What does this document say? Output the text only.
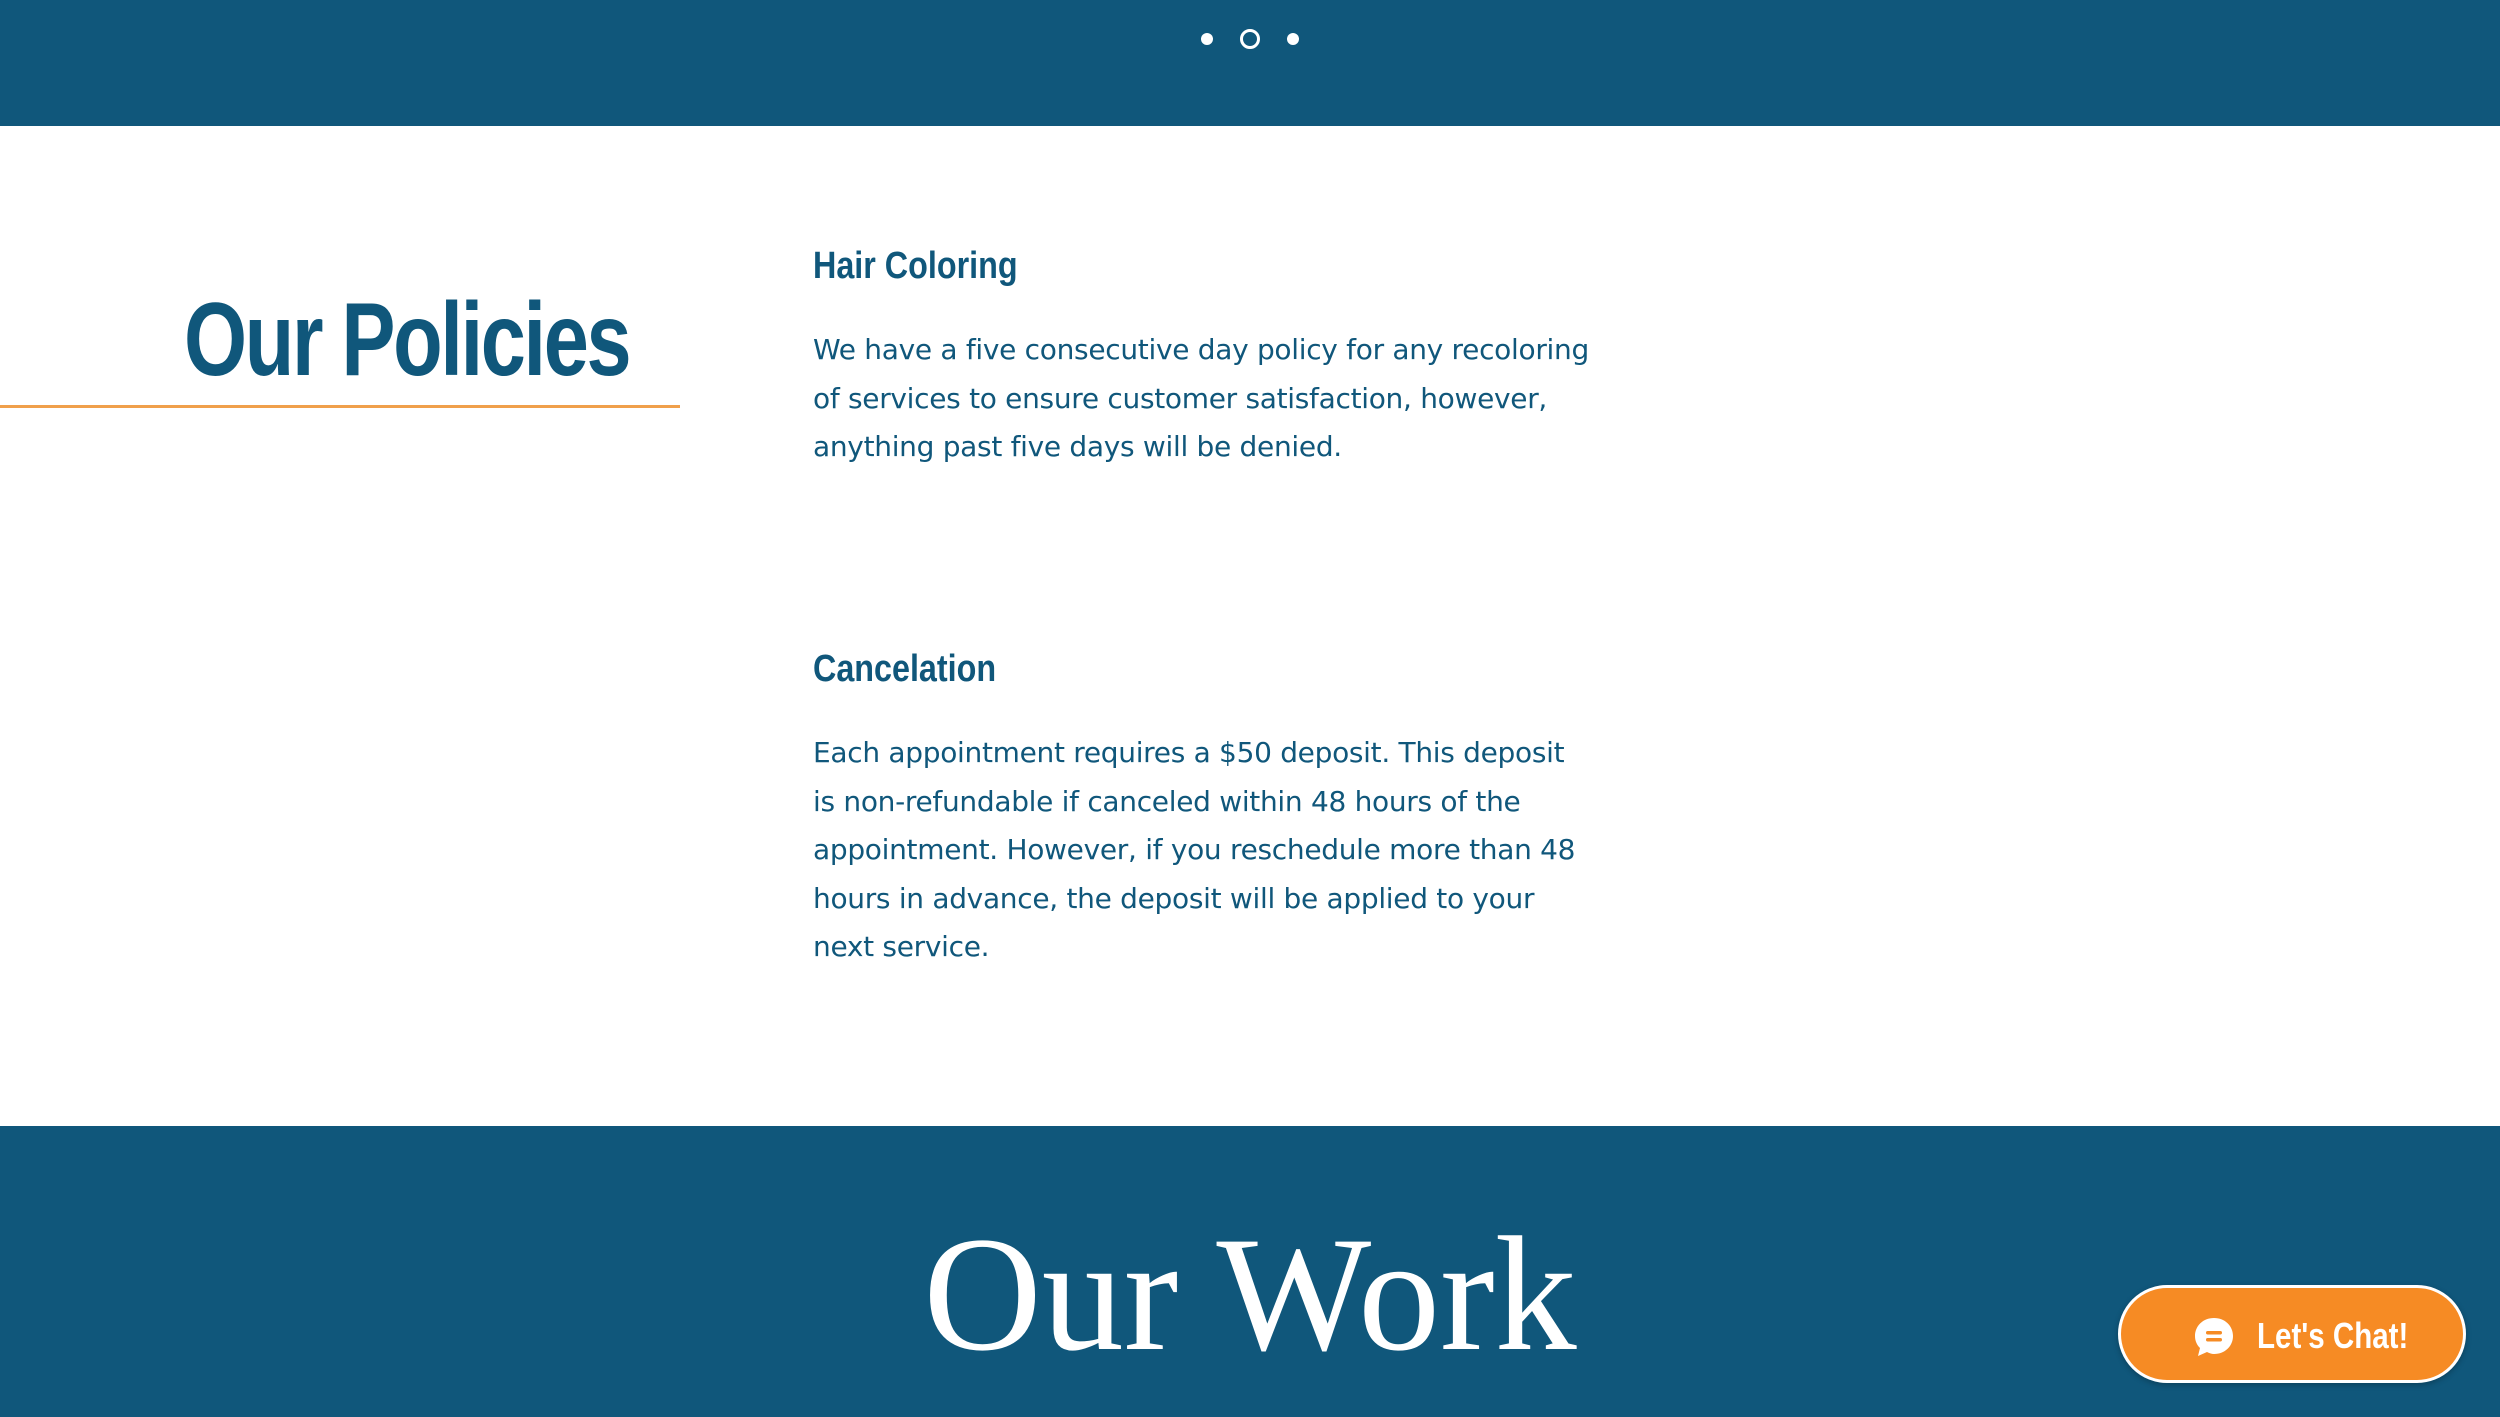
Our Policies
Hair Coloring

We have a five consecutive day policy for any recoloring of services to ensure customer satisfaction, however, anything past five days will be denied.

Cancelation

Each appointment requires a $50 deposit. This deposit is non-refundable if canceled within 48 hours of the appointment. However, if you reschedule more than 48 hours in advance, the deposit will be applied to your next service.

Our Work	Let's Chat!
